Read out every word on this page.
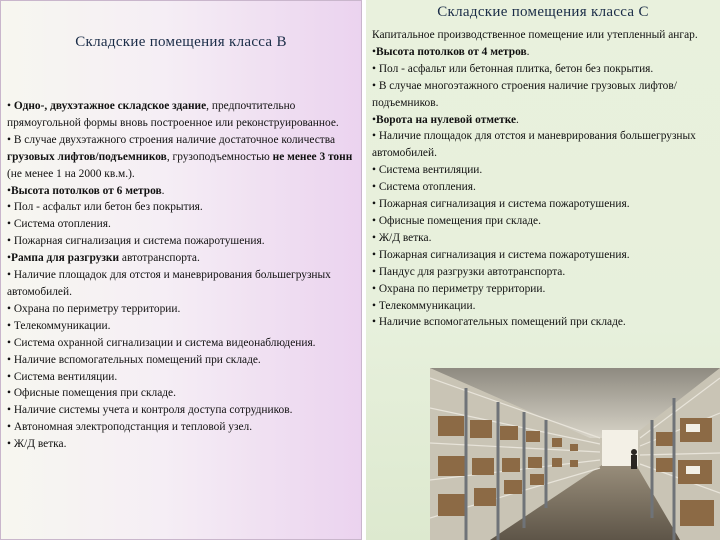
Складские помещения класса В
Складские помещения класса С
• Одно-, двухэтажное складское здание, предпочтительно прямоугольной формы вновь построенное или реконструированное.
• В случае двухэтажного строения наличие достаточное количества грузовых лифтов/подъемников, грузоподъемностью не менее 3 тонн (не менее 1 на 2000 кв.м.).
•Высота потолков от 6 метров.
• Пол - асфальт или бетон без покрытия.
• Система отопления.
• Пожарная сигнализация и система пожаротушения.
•Рампа для разгрузки автотранспорта.
• Наличие площадок для отстоя и маневрирования большегрузных автомобилей.
• Охрана по периметру территории.
• Телекоммуникации.
• Система охранной сигнализации и система видеонаблюдения.
• Наличие вспомогательных помещений при складе.
• Система вентиляции.
• Офисные помещения при складе.
• Наличие системы учета и контроля доступа сотрудников.
• Автономная электроподстанция и тепловой узел.
• Ж/Д ветка.
Капитальное производственное помещение или утепленный ангар.
•Высота потолков от 4 метров.
• Пол - асфальт или бетонная плитка, бетон без покрытия.
• В случае многоэтажного строения наличие грузовых лифтов/подъемников.
•Ворота на нулевой отметке.
• Наличие площадок для отстоя и маневрирования большегрузных автомобилей.
• Система вентиляции.
• Система отопления.
• Пожарная сигнализация и система пожаротушения.
• Офисные помещения при складе.
• Ж/Д ветка.
• Пожарная сигнализация и система пожаротушения.
• Пандус для разгрузки автотранспорта.
• Охрана по периметру территории.
• Телекоммуникации.
• Наличие вспомогательных помещений при складе.
